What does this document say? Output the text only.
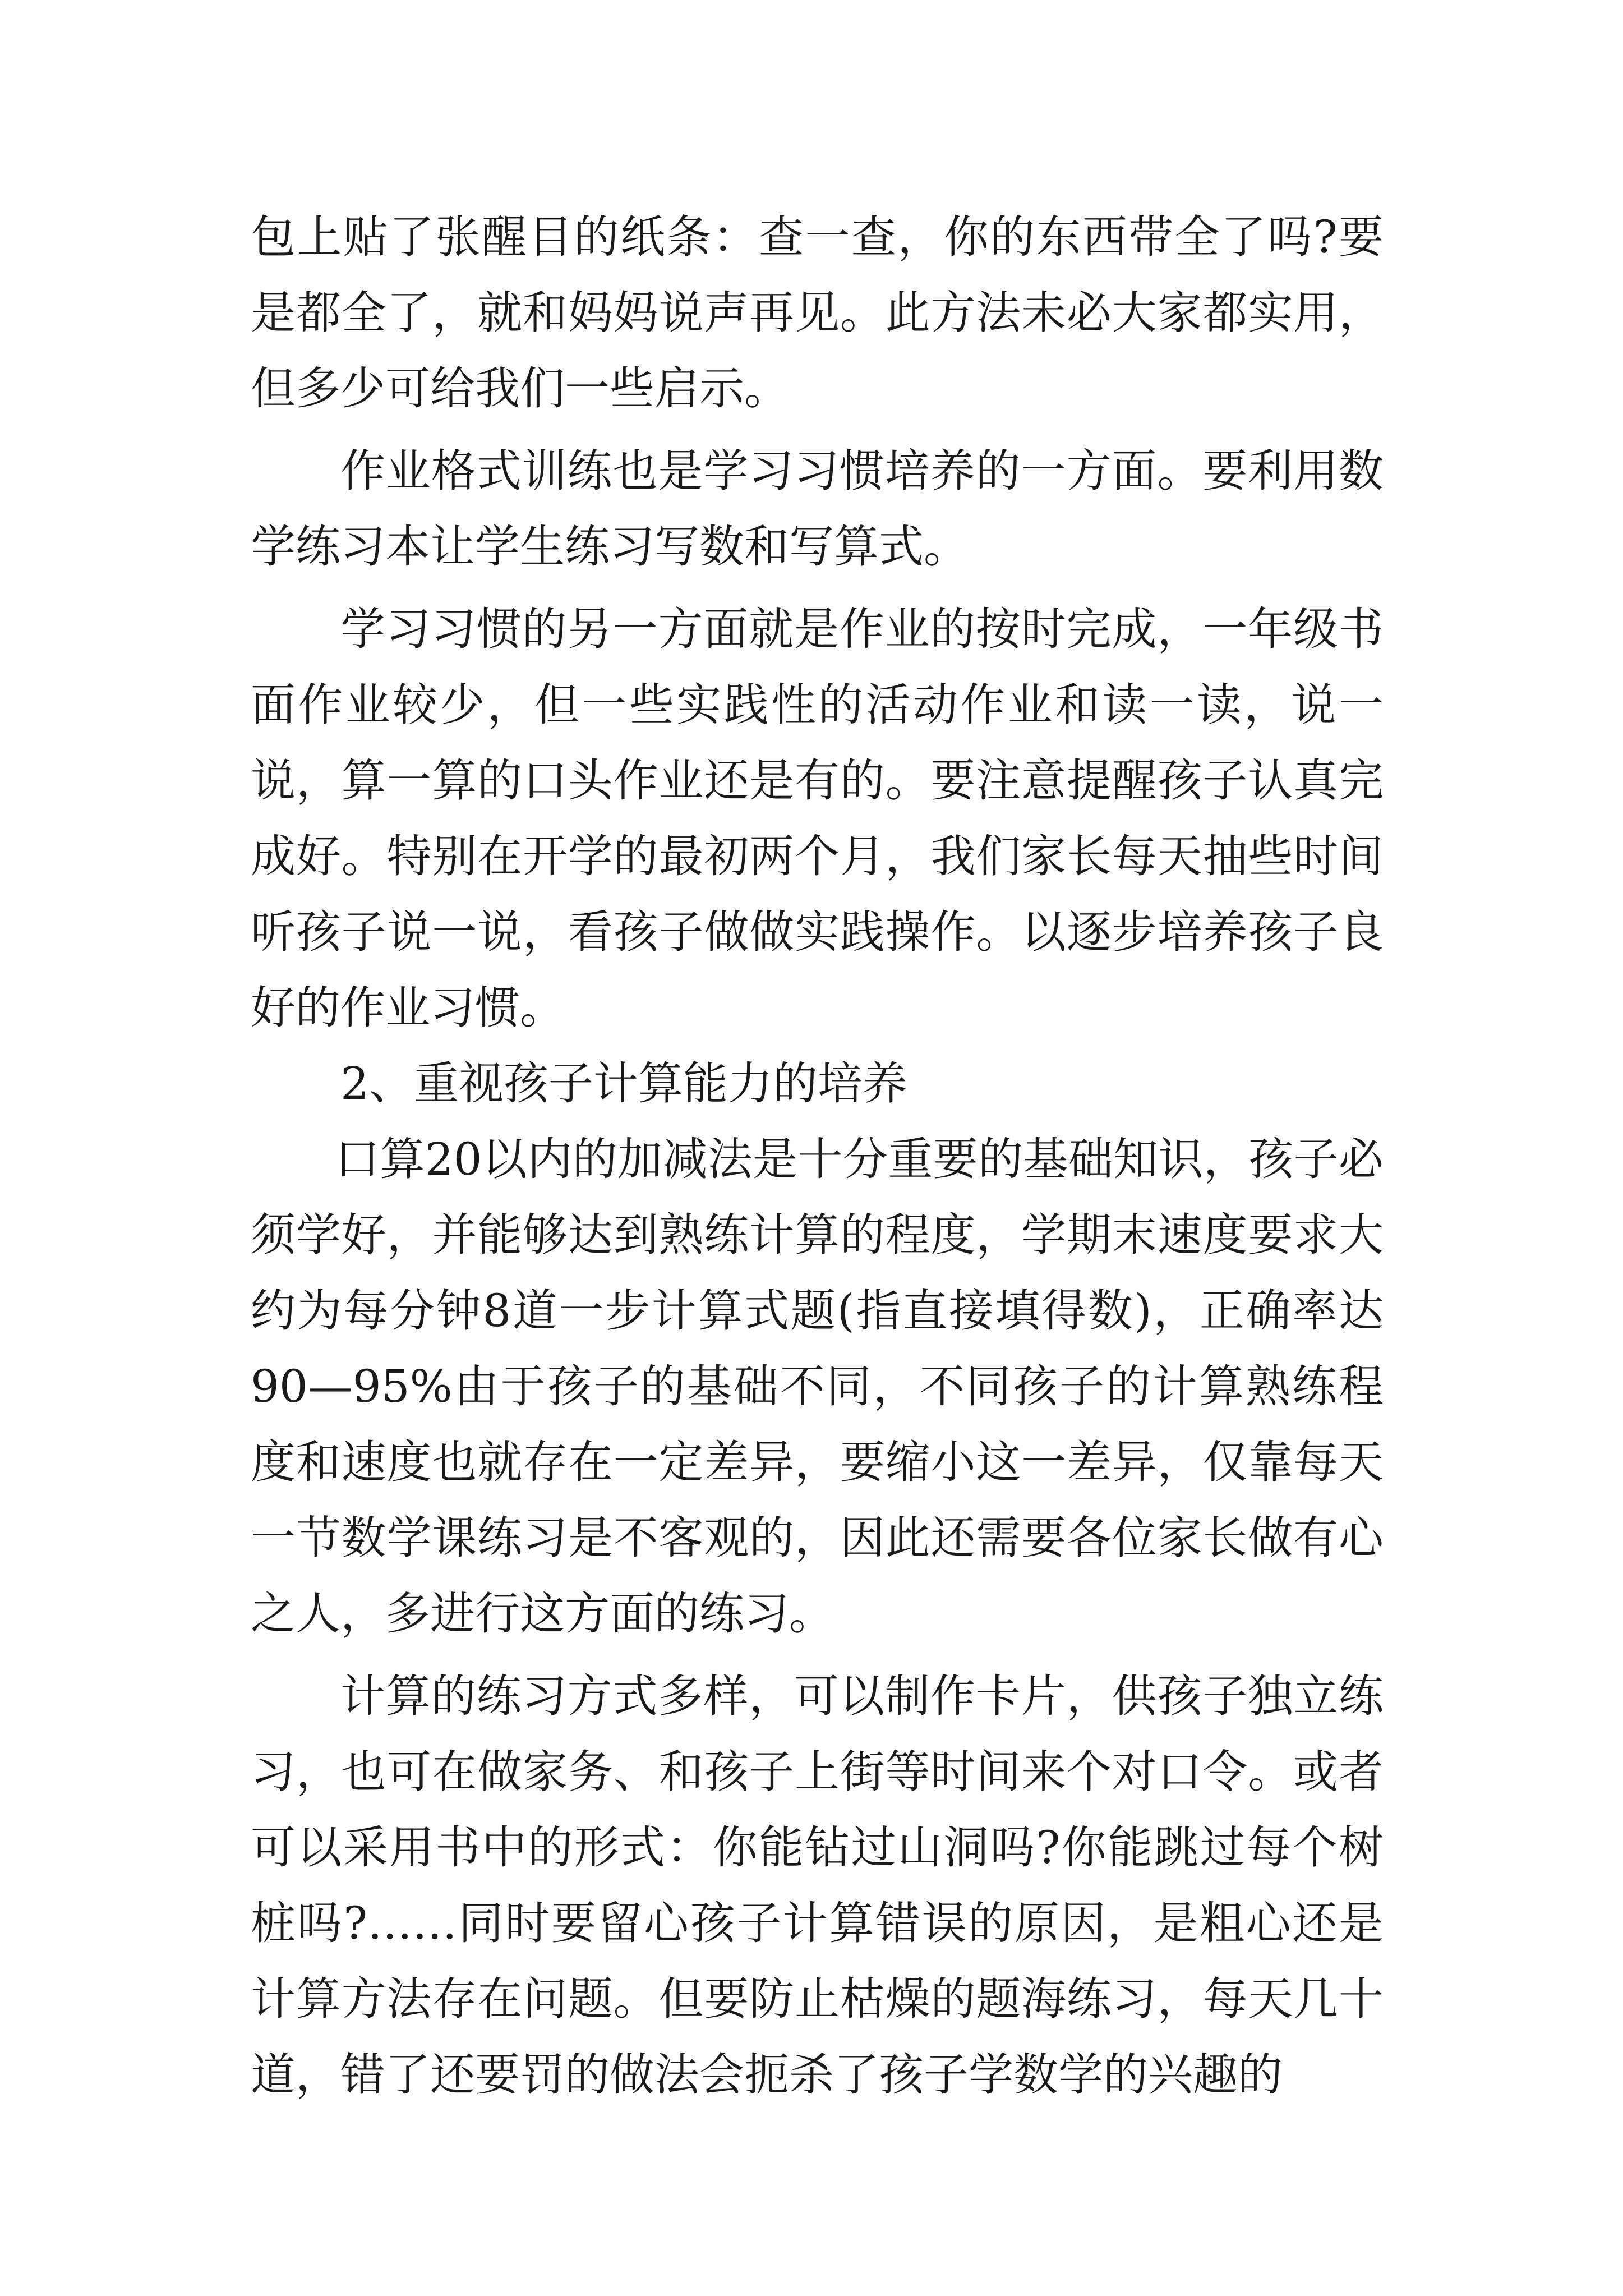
包上贴了张醒目的纸条：查一查，你的东西带全了吗?要是都全了，就和妈妈说声再见。此方法未必大家都实用，但多少可给我们一些启示。

作业格式训练也是学习习惯培养的一方面。要利用数学练习本让学生练习写数和写算式。

学习习惯的另一方面就是作业的按时完成，一年级书面作业较少，但一些实践性的活动作业和读一读，说一说，算一算的口头作业还是有的。要注意提醒孩子认真完成好。特别在开学的最初两个月，我们家长每天抽些时间听孩子说一说，看孩子做做实践操作。以逐步培养孩子良好的作业习惯。

2、重视孩子计算能力的培养

口算20以内的加减法是十分重要的基础知识，孩子必须学好，并能够达到熟练计算的程度，学期末速度要求大约为每分钟8道一步计算式题(指直接填得数)，正确率达90—95%由于孩子的基础不同，不同孩子的计算熟练程度和速度也就存在一定差异，要缩小这一差异，仅靠每天一节数学课练习是不客观的，因此还需要各位家长做有心之人，多进行这方面的练习。

计算的练习方式多样，可以制作卡片，供孩子独立练习，也可在做家务、和孩子上街等时间来个对口令。或者可以采用书中的形式：你能钻过山洞吗?你能跳过每个树桩吗?……同时要留心孩子计算错误的原因，是粗心还是计算方法存在问题。但要防止枯燥的题海练习，每天几十道，错了还要罚的做法会扼杀了孩子学数学的兴趣的
